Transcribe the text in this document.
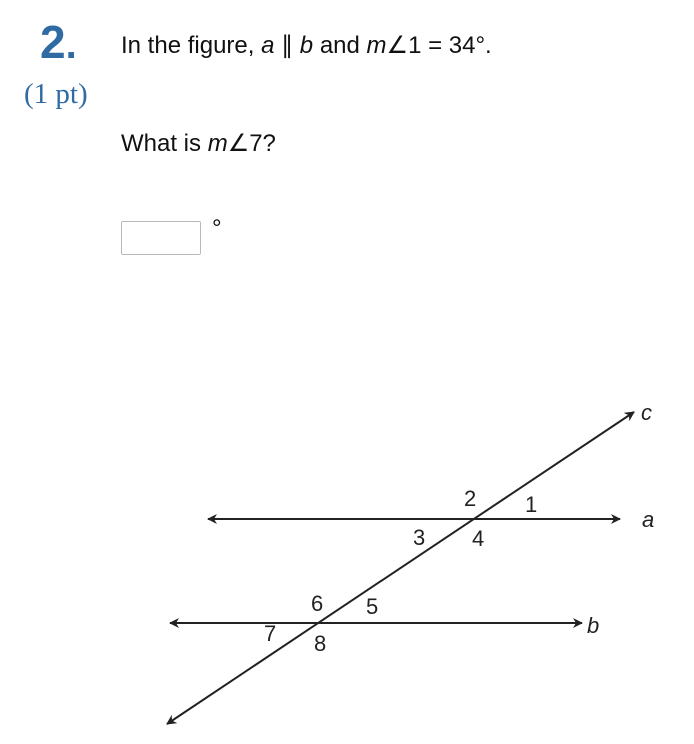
2.
(1 pt)
In the figure, a ∥ b and m∠1 = 34°.
What is m∠7?
°
a
b
c
1
2
3 4
5
6
7 8
